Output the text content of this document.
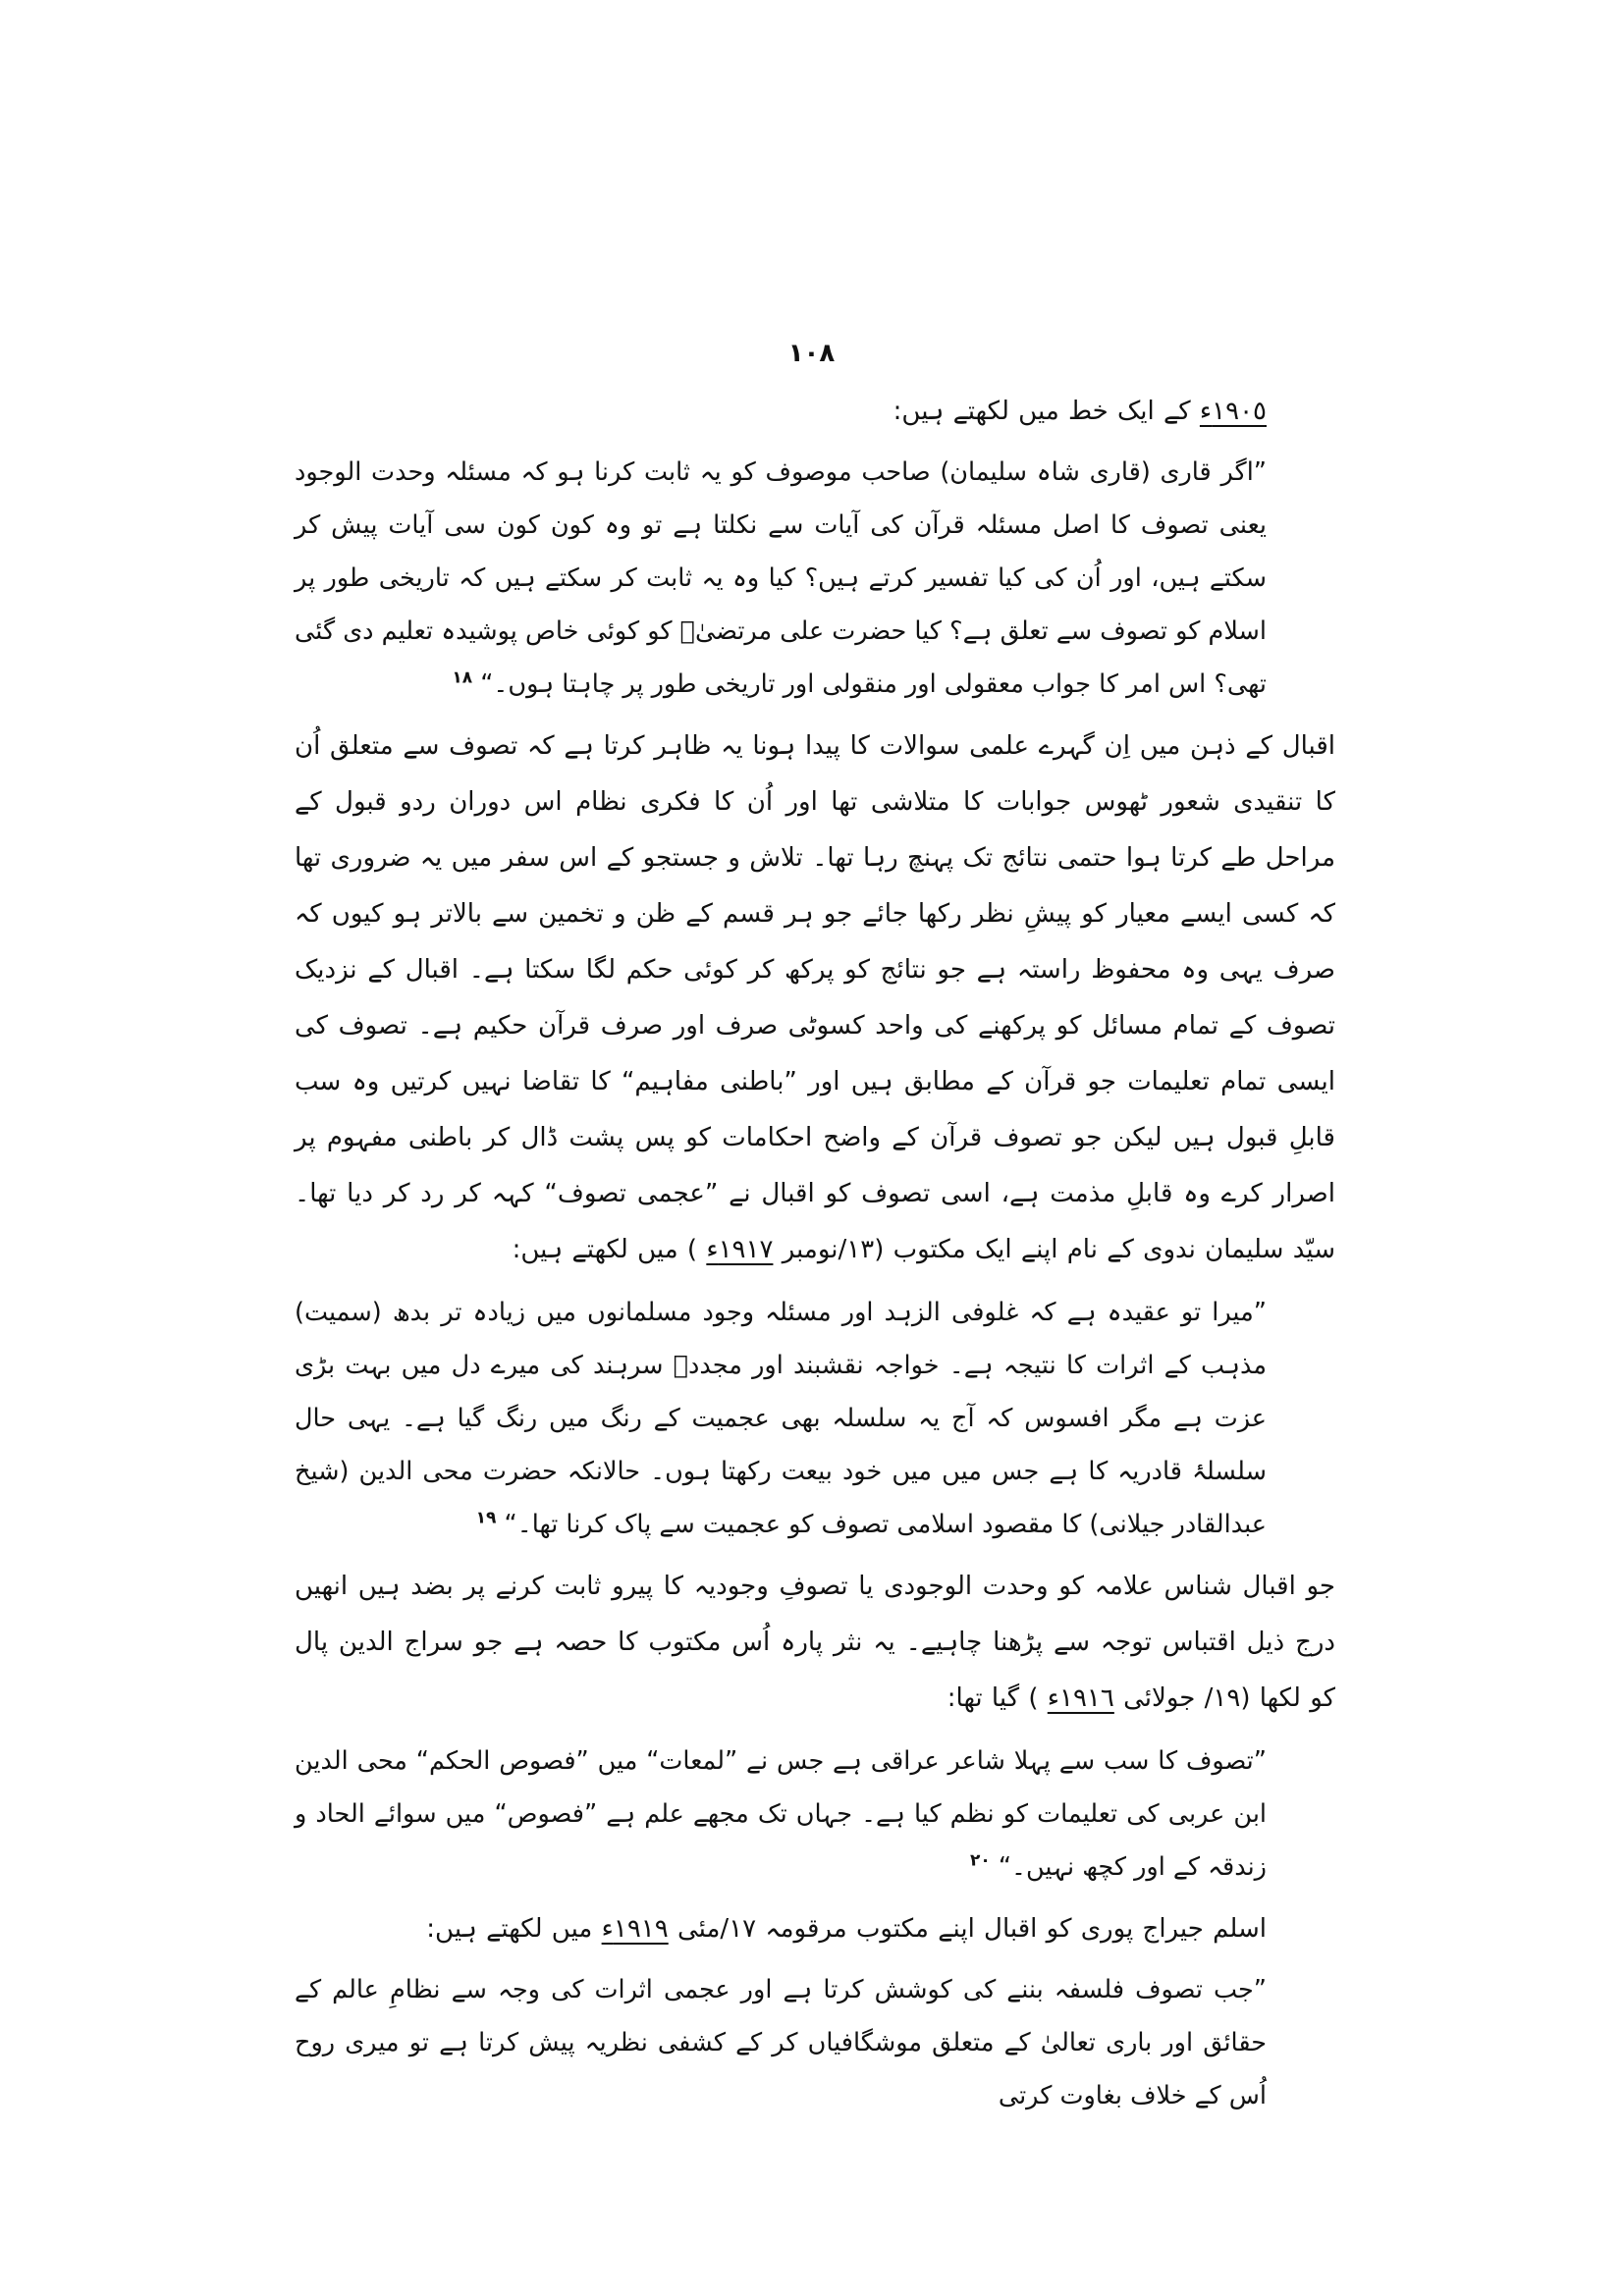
١٠٨

١٩٠٥ء کے ایک خط میں لکھتے ہیں:

”اگر قاری (قاری شاہ سلیمان) صاحب موصوف کو یہ ثابت کرنا ہو کہ مسئلہ وحدت الوجود یعنی تصوف کا اصل مسئلہ قرآن کی آیات سے نکلتا ہے تو وہ کون کون سی آیات پیش کر سکتے ہیں، اور اُن کی کیا تفسیر کرتے ہیں؟ کیا وہ یہ ثابت کر سکتے ہیں کہ تاریخی طور پر اسلام کو تصوف سے تعلق ہے؟ کیا حضرت علی مرتضیٰؓ کو کوئی خاص پوشیدہ تعلیم دی گئی تھی؟ اس امر کا جواب معقولی اور منقولی اور تاریخی طور پر چاہتا ہوں۔“ $^{١٨}$

اقبال کے ذہن میں اِن گہرے علمی سوالات کا پیدا ہونا یہ ظاہر کرتا ہے کہ تصوف سے متعلق اُن کا تنقیدی شعور ٹھوس جوابات کا متلاشی تھا اور اُن کا فکری نظام اس دوران ردو قبول کے مراحل طے کرتا ہوا حتمی نتائج تک پہنچ رہا تھا۔ تلاش و جستجو کے اس سفر میں یہ ضروری تھا کہ کسی ایسے معیار کو پیشِ نظر رکھا جائے جو ہر قسم کے ظن و تخمین سے بالاتر ہو کیوں کہ صرف یہی وہ محفوظ راستہ ہے جو نتائج کو پرکھ کر کوئی حکم لگا سکتا ہے۔ اقبال کے نزدیک تصوف کے تمام مسائل کو پرکھنے کی واحد کسوٹی صرف اور صرف قرآن حکیم ہے۔ تصوف کی ایسی تمام تعلیمات جو قرآن کے مطابق ہیں اور ”باطنی مفاہیم“ کا تقاضا نہیں کرتیں وہ سب قابلِ قبول ہیں لیکن جو تصوف قرآن کے واضح احکامات کو پس پشت ڈال کر باطنی مفہوم پر اصرار کرے وہ قابلِ مذمت ہے، اسی تصوف کو اقبال نے ”عجمی تصوف“ کہہ کر رد کر دیا تھا۔ سیّد سلیمان ندوی کے نام اپنے ایک مکتوب (١٣/نومبر ١٩١٧ء ) میں لکھتے ہیں:

”میرا تو عقیدہ ہے کہ غلوفی الزہد اور مسئلہ وجود مسلمانوں میں زیادہ تر بدھ (سمیت) مذہب کے اثرات کا نتیجہ ہے۔ خواجہ نقشبند اور مجددؒ سرہند کی میرے دل میں بہت بڑی عزت ہے مگر افسوس کہ آج یہ سلسلہ بھی عجمیت کے رنگ میں رنگ گیا ہے۔ یہی حال سلسلۂ قادریہ کا ہے جس میں میں خود بیعت رکھتا ہوں۔ حالانکہ حضرت محی الدین (شیخ عبدالقادر جیلانی) کا مقصود اسلامی تصوف کو عجمیت سے پاک کرنا تھا۔“ $^{١٩}$

جو اقبال شناس علامہ کو وحدت الوجودی یا تصوفِ وجودیہ کا پیرو ثابت کرنے پر بضد ہیں انھیں درج ذیل اقتباس توجہ سے پڑھنا چاہیے۔ یہ نثر پارہ اُس مکتوب کا حصہ ہے جو سراج الدین پال کو لکھا (١٩/ جولائی ١٩١٦ء ) گیا تھا:

”تصوف کا سب سے پہلا شاعر عراقی ہے جس نے ”لمعات“ میں ”فصوص الحکم“ محی الدین ابن عربی کی تعلیمات کو نظم کیا ہے۔ جہاں تک مجھے علم ہے ”فصوص“ میں سوائے الحاد و زندقہ کے اور کچھ نہیں۔“ $^{٢٠}$

اسلم جیراج پوری کو اقبال اپنے مکتوب مرقومہ ١٧/مئی ١٩١٩ء میں لکھتے ہیں:

”جب تصوف فلسفہ بننے کی کوشش کرتا ہے اور عجمی اثرات کی وجہ سے نظامِ عالم کے حقائق اور باری تعالیٰ کے متعلق موشگافیاں کر کے کشفی نظریہ پیش کرتا ہے تو میری روح اُس کے خلاف بغاوت کرتی
